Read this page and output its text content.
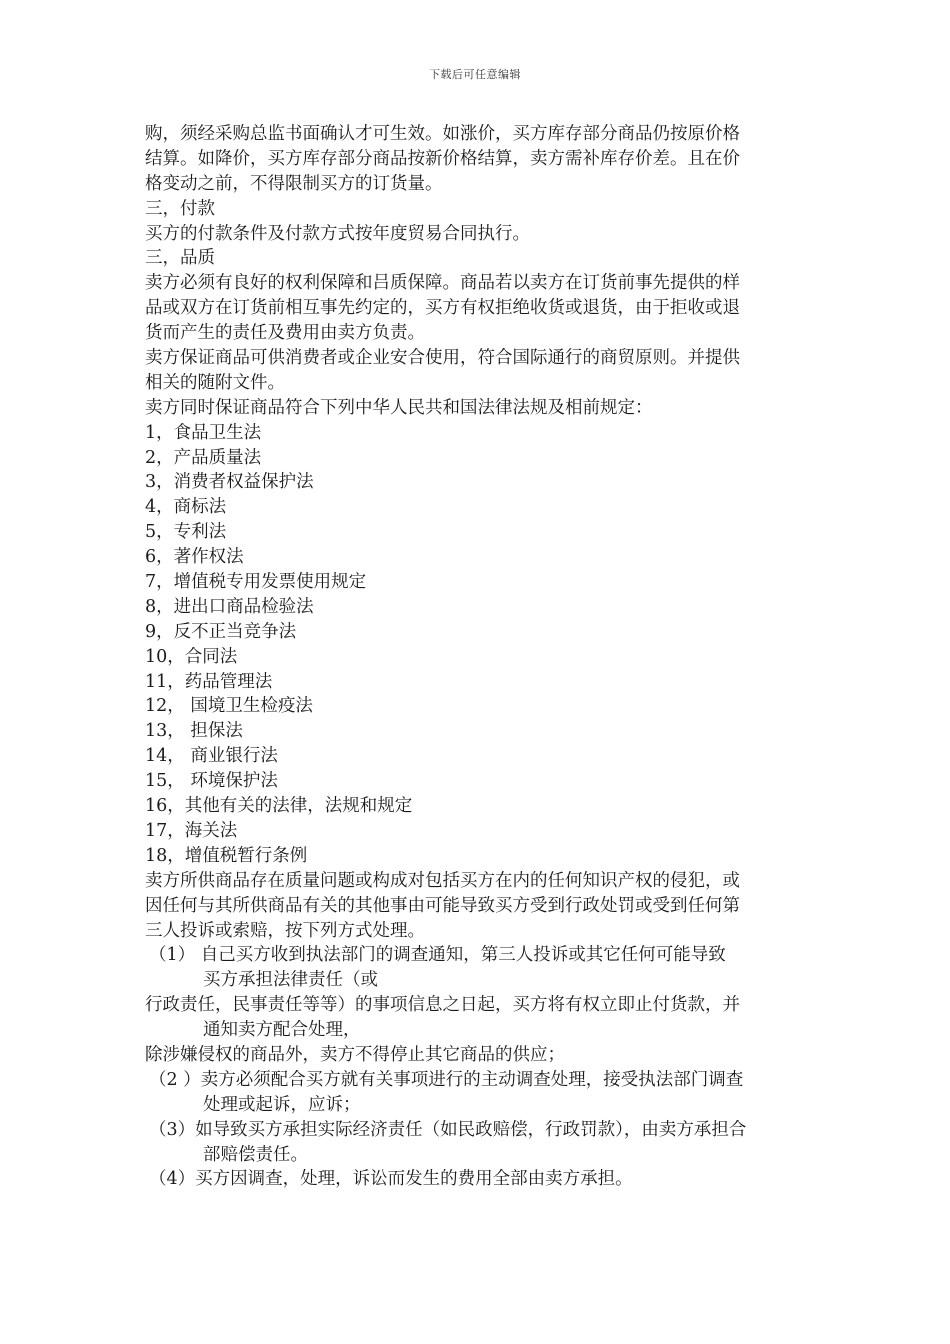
下载后可任意编辑
购，须经采购总监书面确认才可生效。如涨价，买方库存部分商品仍按原价格
结算。如降价，买方库存部分商品按新价格结算，卖方需补库存价差。且在价
格变动之前，不得限制买方的订货量。
三，付款
买方的付款条件及付款方式按年度贸易合同执行。
三，品质
卖方必须有良好的权利保障和吕质保障。商品若以卖方在订货前事先提供的样
品或双方在订货前相互事先约定的，买方有权拒绝收货或退货，由于拒收或退
货而产生的责任及费用由卖方负责。
卖方保证商品可供消费者或企业安合使用，符合国际通行的商贸原则。并提供
相关的随附文件。
卖方同时保证商品符合下列中华人民共和国法律法规及相前规定：
1，食品卫生法
2，产品质量法
3，消费者权益保护法
4，商标法
5，专利法
6，著作权法
7，增值税专用发票使用规定
8，进出口商品检验法
9，反不正当竞争法
10，合同法
11，药品管理法
12， 国境卫生检疫法
13， 担保法
14， 商业银行法
15， 环境保护法
16，其他有关的法律，法规和规定
17，海关法
18，增值税暂行条例
卖方所供商品存在质量问题或构成对包括买方在内的任何知识产权的侵犯，或
因任何与其所供商品有关的其他事由可能导致买方受到行政处罚或受到任何第
三人投诉或索赔，按下列方式处理。
（1） 自己买方收到执法部门的调查通知，第三人投诉或其它任何可能导致
买方承担法律责任（或
行政责任，民事责任等等）的事项信息之日起，买方将有权立即止付货款，并
通知卖方配合处理，
除涉嫌侵权的商品外，卖方不得停止其它商品的供应；
（2 ）卖方必须配合买方就有关事项进行的主动调查处理，接受执法部门调查
处理或起诉，应诉；
（3）如导致买方承担实际经济责任（如民政赔偿，行政罚款），由卖方承担合
部赔偿责任。
（4）买方因调查，处理，诉讼而发生的费用全部由卖方承担。
